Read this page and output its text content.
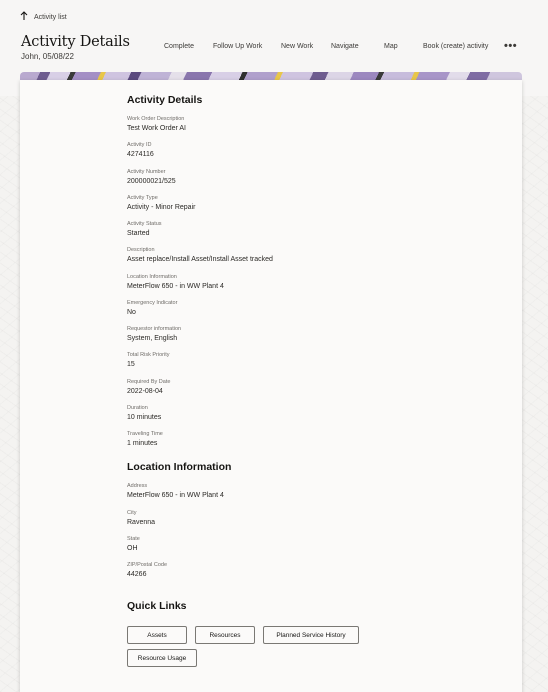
Activity list
Activity Details
John, 05/08/22
Complete	Follow Up Work	New Work	Navigate	Map	Book (create) activity •••
Activity Details
Work Order Description
Test Work Order AI
Activity ID
4274116
Activity Number
200000021/525
Activity Type
Activity - Minor Repair
Activity Status
Started
Description
Asset replace/Install Asset/Install Asset tracked
Location Information
MeterFlow 650 - in WW Plant 4
Emergency Indicator
No
Requestor information
System, English
Total Risk Priority
15
Required By Date
2022-08-04
Duration
10 minutes
Traveling Time
1 minutes
Location Information
Address
MeterFlow 650 - in WW Plant 4
City
Ravenna
State
OH
ZIP/Postal Code
44266
Quick Links
Assets	Resources	Planned Service History
Resource Usage
